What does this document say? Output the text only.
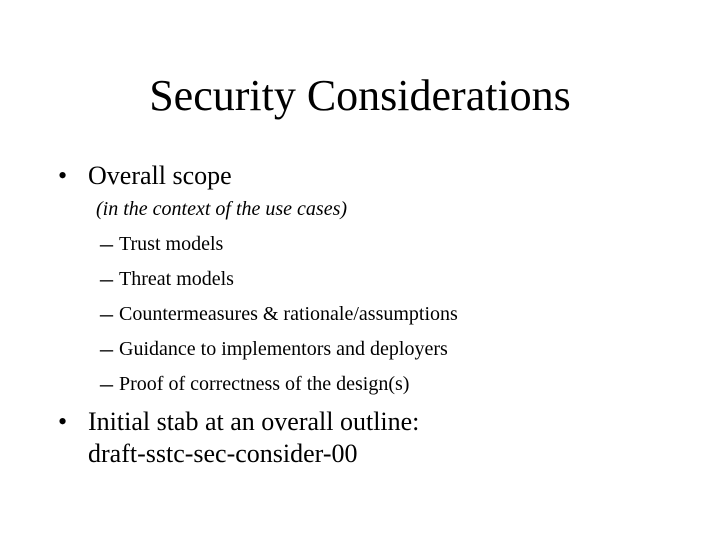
Security Considerations
• Overall scope
(in the context of the use cases)
– Trust models
– Threat models
– Countermeasures & rationale/assumptions
– Guidance to implementors and deployers
– Proof of correctness of the design(s)
• Initial stab at an overall outline:
draft-sstc-sec-consider-00
